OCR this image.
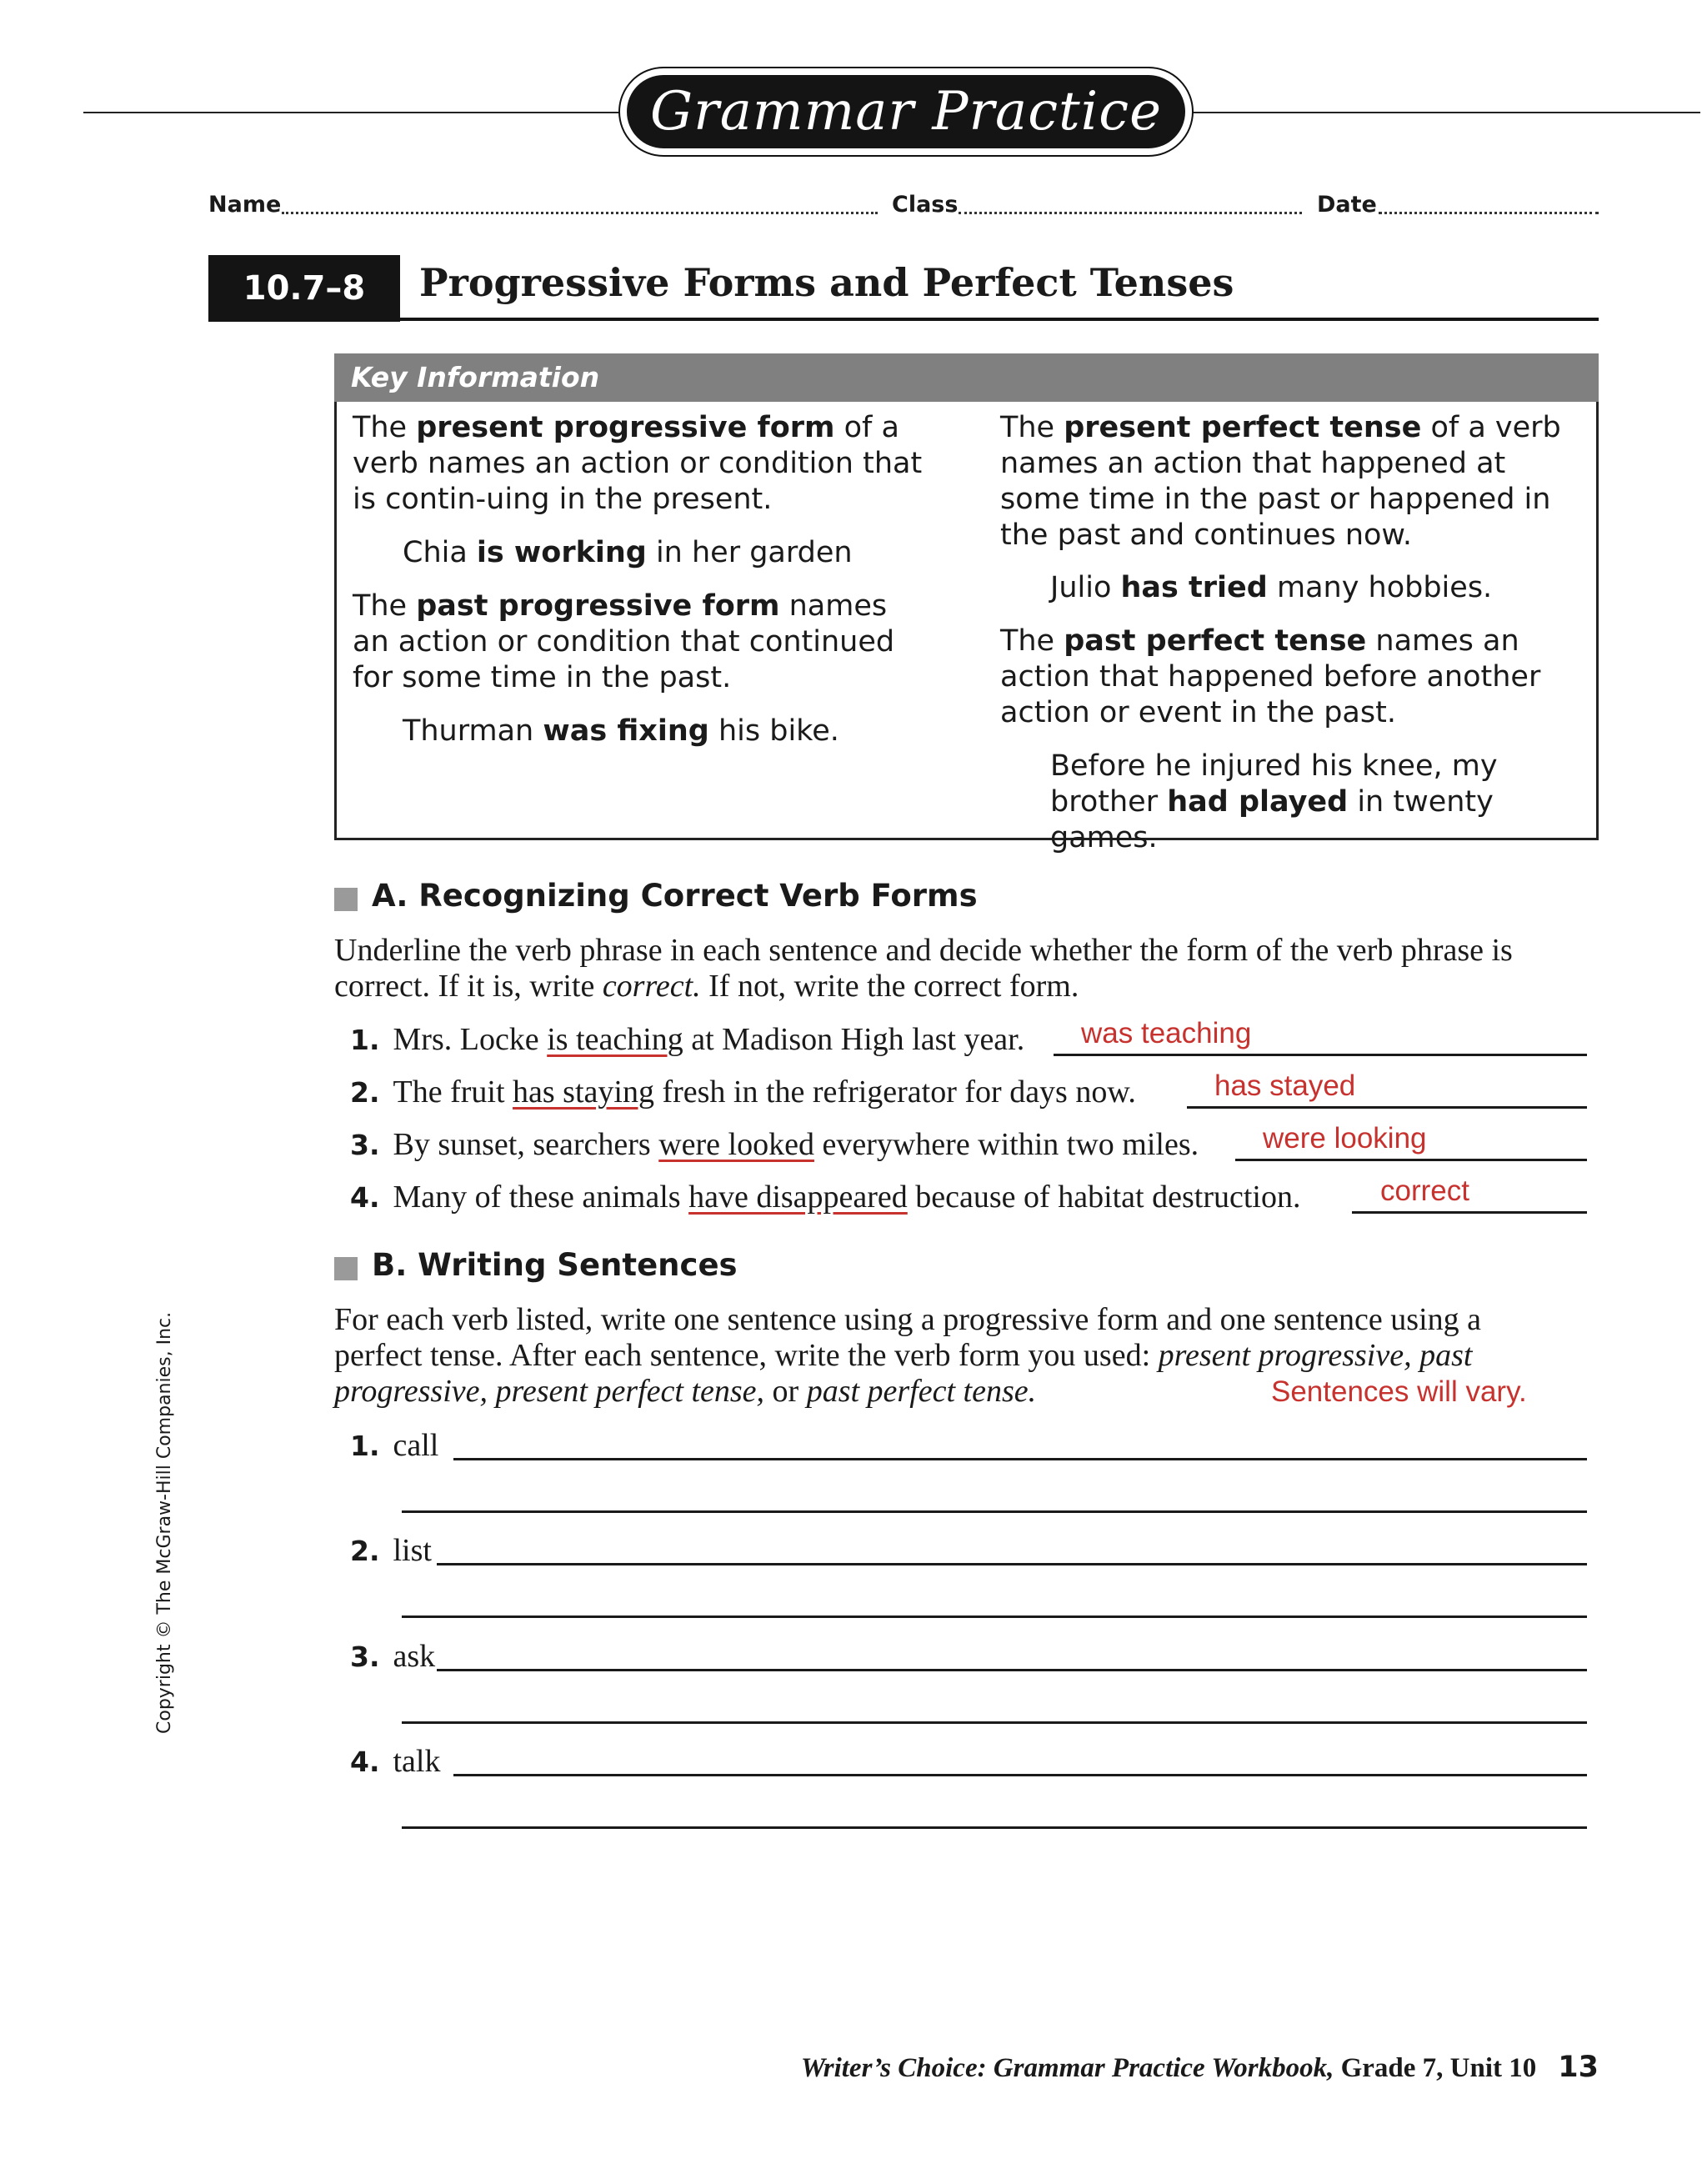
Grammar Practice
Name	Class	Date
10.7–8	Progressive Forms and Perfect Tenses
Key Information
The present progressive form of a verb names an action or condition that is contin-uing in the present.
Chia is working in her garden
The past progressive form names an action or condition that continued for some time in the past.
Thurman was fixing his bike.
The present perfect tense of a verb names an action that happened at some time in the past or happened in the past and continues now.
Julio has tried many hobbies.
The past perfect tense names an action that happened before another action or event in the past.
Before he injured his knee, my brother had played in twenty games.
A. Recognizing Correct Verb Forms
Underline the verb phrase in each sentence and decide whether the form of the verb phrase is correct. If it is, write correct. If not, write the correct form.
1. Mrs. Locke is teaching at Madison High last year. was teaching
2. The fruit has staying fresh in the refrigerator for days now.	has stayed
3. By sunset, searchers were looked everywhere within two miles. were looking
4. Many of these animals have disappeared because of habitat destruction.	correct
B. Writing Sentences
For each verb listed, write one sentence using a progressive form and one sentence using a perfect tense. After each sentence, write the verb form you used: present progressive, past progressive, present perfect tense, or past perfect tense.	Sentences will vary.
1. call
2. list
3. ask
4. talk
Copyright © The McGraw-Hill Companies, Inc.
Writer’s Choice: Grammar Practice Workbook, Grade 7, Unit 10 13
